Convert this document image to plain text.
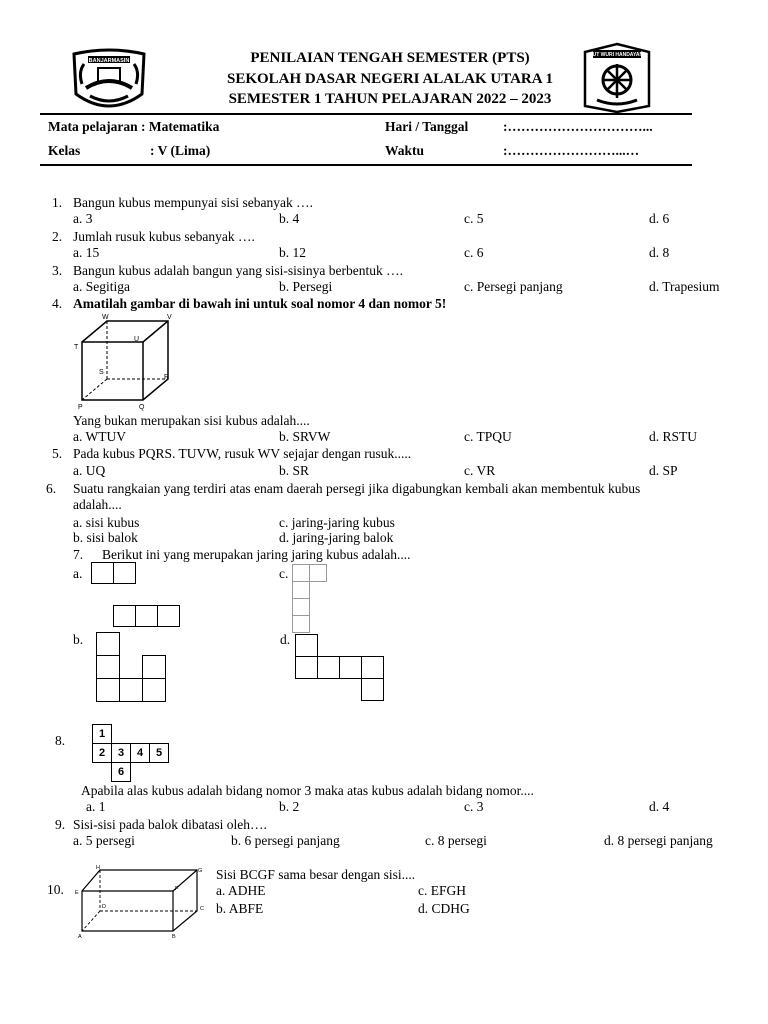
BANJARMASIN
TUT WURI HANDAYANI
PENILAIAN TENGAH SEMESTER (PTS)
SEKOLAH DASAR NEGERI ALALAK UTARA 1
SEMESTER 1 TAHUN PELAJARAN 2022 – 2023
Mata pelajaran : Matematika	Hari / Tanggal	:…………………………...
Kelas	: V (Lima)	Waktu	:……………………...…
1. Bangun kubus mempunyai sisi sebanyak ….
a. 3	b. 4	c. 5	d. 6
2. Jumlah rusuk kubus sebanyak ….
a. 15	b. 12	c. 6	d. 8
3. Bangun kubus adalah bangun yang sisi-sisinya berbentuk ….
a. Segitiga	b. Persegi	c. Persegi panjang	d. Trapesium
4. Amatilah gambar di bawah ini untuk soal nomor 4 dan nomor 5!
W	V
T
U
S
R
P	Q
Yang bukan merupakan sisi kubus adalah....
a. WTUV	b. SRVW	c. TPQU	d. RSTU
5. Pada kubus PQRS. TUVW, rusuk WV sejajar dengan rusuk.....
a. UQ	b. SR	c. VR	d. SP
6. Suatu rangkaian yang terdiri atas enam daerah persegi jika digabungkan kembali akan membentuk kubus
adalah....
a. sisi kubus
b. sisi balok
c. jaring-jaring kubus
d. jaring-jaring balok
7. Berikut ini yang merupakan jaring jaring kubus adalah....
a.	c.
b.	d.
8.	1
2	3	4	5
6
Apabila alas kubus adalah bidang nomor 3 maka atas kubus adalah bidang nomor....
a. 1	b. 2	c. 3	d. 4
9. Sisi-sisi pada balok dibatasi oleh….
a. 5 persegi	b. 6 persegi panjang	c. 8 persegi	d. 8 persegi panjang
10.
H	G
E
F
D	C
A	B
Sisi BCGF sama besar dengan sisi....
a. ADHE
b. ABFE
c. EFGH
d. CDHG
